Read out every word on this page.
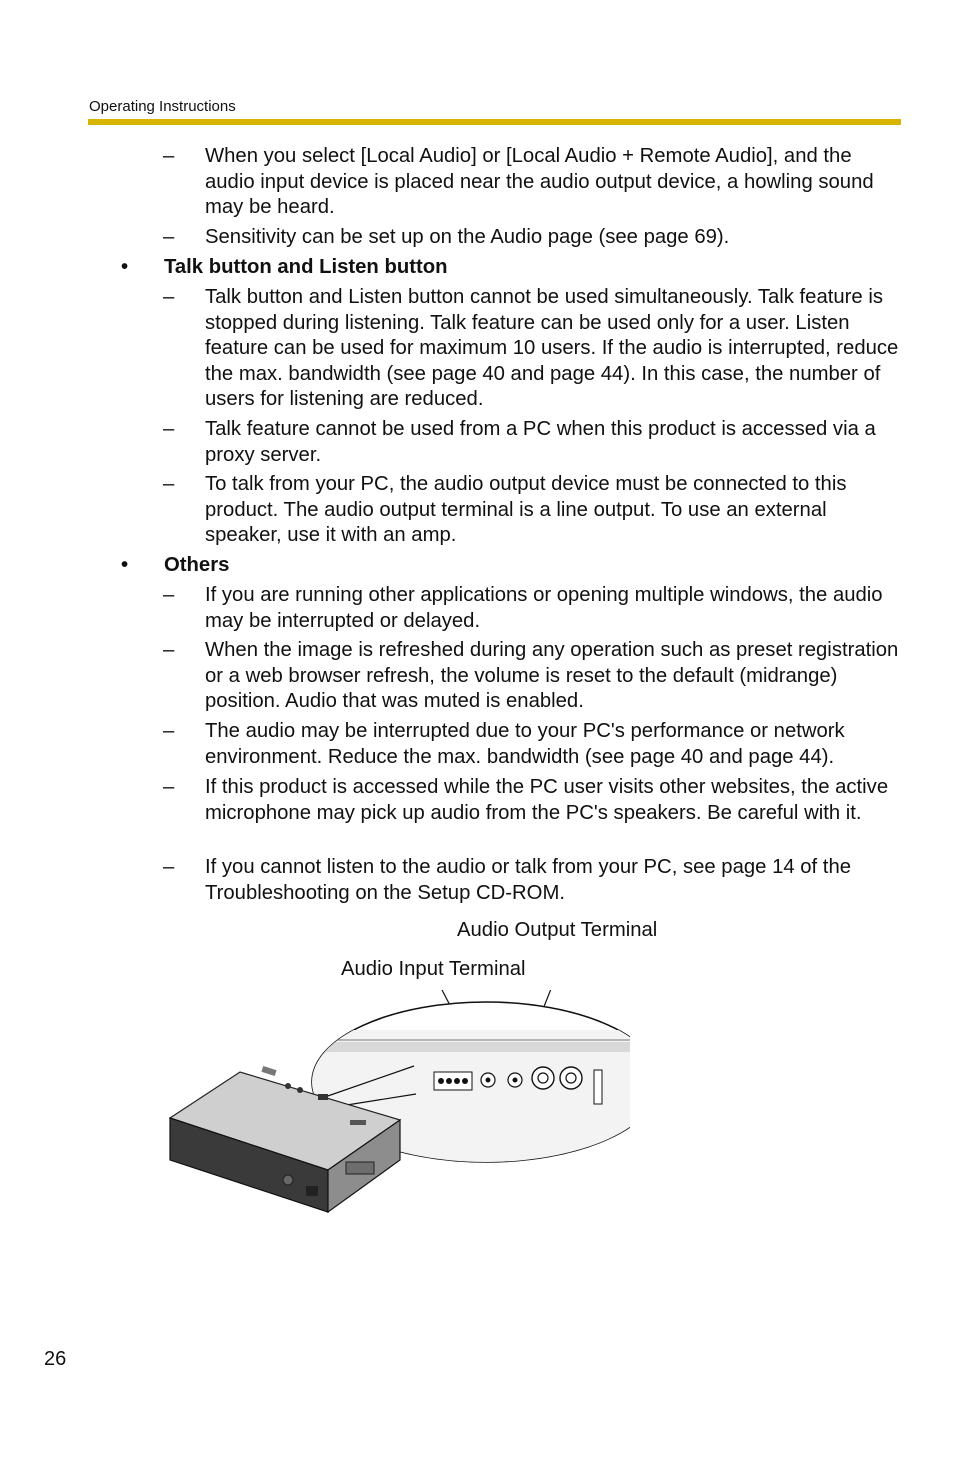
Operating Instructions
– When you select [Local Audio] or [Local Audio + Remote Audio], and the audio input device is placed near the audio output device, a howling sound may be heard.
– Sensitivity can be set up on the Audio page (see page 69).
• Talk button and Listen button
– Talk button and Listen button cannot be used simultaneously. Talk feature is stopped during listening. Talk feature can be used only for a user. Listen feature can be used for maximum 10 users. If the audio is interrupted, reduce the max. bandwidth (see page 40 and page 44). In this case, the number of users for listening are reduced.
– Talk feature cannot be used from a PC when this product is accessed via a proxy server.
– To talk from your PC, the audio output device must be connected to this product. The audio output terminal is a line output. To use an external speaker, use it with an amp.
• Others
– If you are running other applications or opening multiple windows, the audio may be interrupted or delayed.
– When the image is refreshed during any operation such as preset registration or a web browser refresh, the volume is reset to the default (midrange) position. Audio that was muted is enabled.
– The audio may be interrupted due to your PC's performance or network environment. Reduce the max. bandwidth (see page 40 and page 44).
– If this product is accessed while the PC user visits other websites, the active microphone may pick up audio from the PC's speakers. Be careful with it.
– If you cannot listen to the audio or talk from your PC, see page 14 of the Troubleshooting on the Setup CD-ROM.
Audio Output Terminal
Audio Input Terminal
26
